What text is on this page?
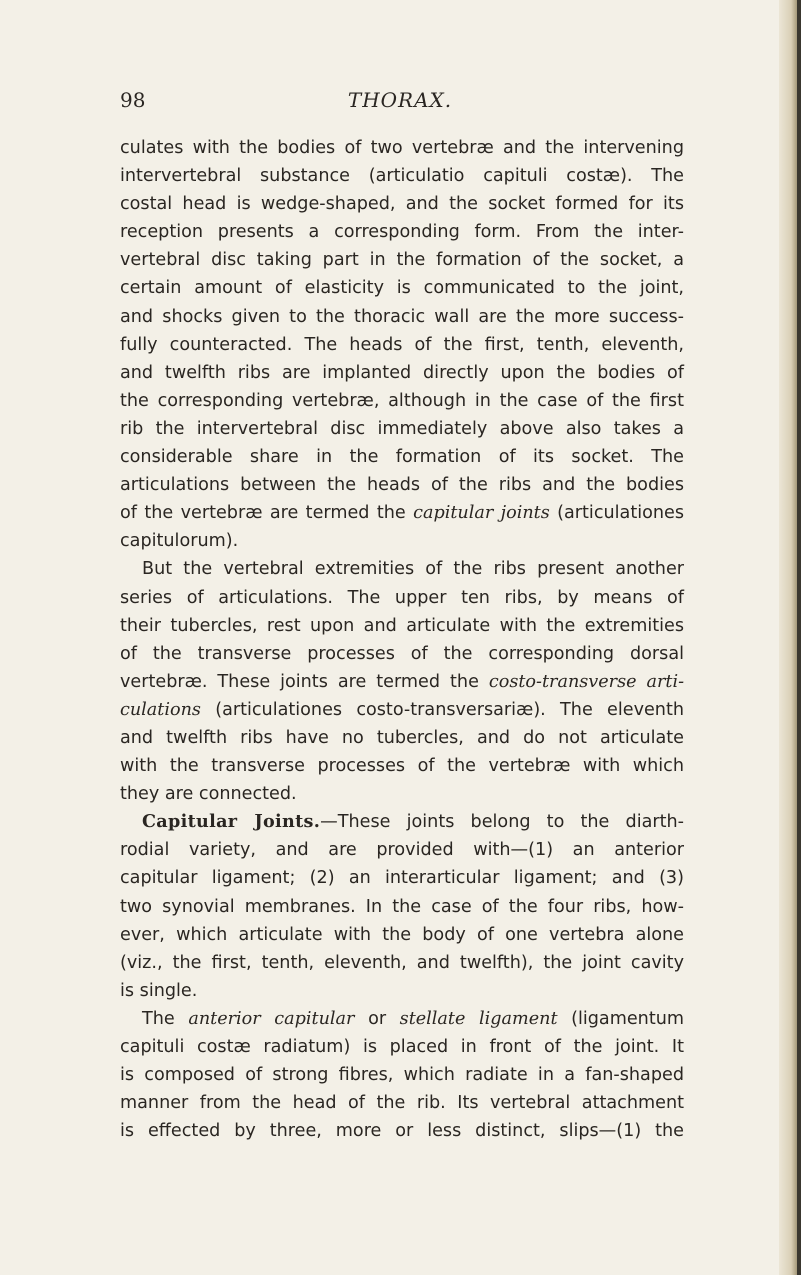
98	THORAX.
culates with the bodies of two vertebræ and the intervening
intervertebral substance (articulatio capituli costæ). The
costal head is wedge-shaped, and the socket formed for its
reception presents a corresponding form. From the inter-
vertebral disc taking part in the formation of the socket, a
certain amount of elasticity is communicated to the joint,
and shocks given to the thoracic wall are the more success-
fully counteracted. The heads of the first, tenth, eleventh,
and twelfth ribs are implanted directly upon the bodies of
the corresponding vertebræ, although in the case of the first
rib the intervertebral disc immediately above also takes a
considerable share in the formation of its socket. The
articulations between the heads of the ribs and the bodies
of the vertebræ are termed the capitular joints (articulationes
capitulorum).
But the vertebral extremities of the ribs present another
series of articulations. The upper ten ribs, by means of
their tubercles, rest upon and articulate with the extremities
of the transverse processes of the corresponding dorsal
vertebræ. These joints are termed the costo-transverse arti-
culations (articulationes costo-transversariæ). The eleventh
and twelfth ribs have no tubercles, and do not articulate
with the transverse processes of the vertebræ with which
they are connected.
Capitular Joints.—These joints belong to the diarth-
rodial variety, and are provided with—(1) an anterior
capitular ligament; (2) an interarticular ligament; and (3)
two synovial membranes. In the case of the four ribs, how-
ever, which articulate with the body of one vertebra alone
(viz., the first, tenth, eleventh, and twelfth), the joint cavity
is single.
The anterior capitular or stellate ligament (ligamentum
capituli costæ radiatum) is placed in front of the joint. It
is composed of strong fibres, which radiate in a fan-shaped
manner from the head of the rib. Its vertebral attachment
is effected by three, more or less distinct, slips—(1) the
